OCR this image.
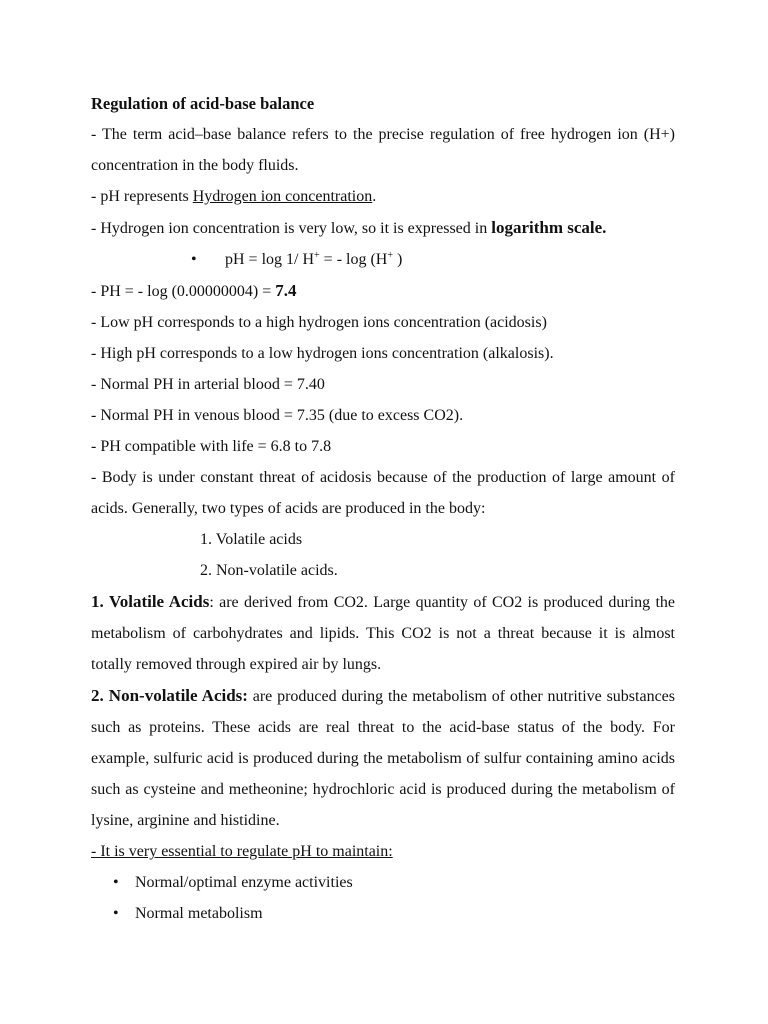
Regulation of acid-base balance
- The term acid–base balance refers to the precise regulation of free hydrogen ion (H+) concentration in the body fluids.
- pH represents Hydrogen ion concentration.
- Hydrogen ion concentration is very low, so it is expressed in logarithm scale.
• pH = log 1/ H+ = - log (H+ )
- PH = - log (0.00000004) = 7.4
- Low pH corresponds to a high hydrogen ions concentration (acidosis)
- High pH corresponds to a low hydrogen ions concentration (alkalosis).
- Normal PH in arterial blood = 7.40
- Normal PH in venous blood = 7.35 (due to excess CO2).
- PH compatible with life = 6.8 to 7.8
- Body is under constant threat of acidosis because of the production of large amount of acids. Generally, two types of acids are produced in the body:
1. Volatile acids
2. Non-volatile acids.
1. Volatile Acids: are derived from CO2. Large quantity of CO2 is produced during the metabolism of carbohydrates and lipids. This CO2 is not a threat because it is almost totally removed through expired air by lungs.
2. Non-volatile Acids: are produced during the metabolism of other nutritive substances such as proteins. These acids are real threat to the acid-base status of the body. For example, sulfuric acid is produced during the metabolism of sulfur containing amino acids such as cysteine and metheonine; hydrochloric acid is produced during the metabolism of lysine, arginine and histidine.
- It is very essential to regulate pH to maintain:
• Normal/optimal enzyme activities
• Normal metabolism
